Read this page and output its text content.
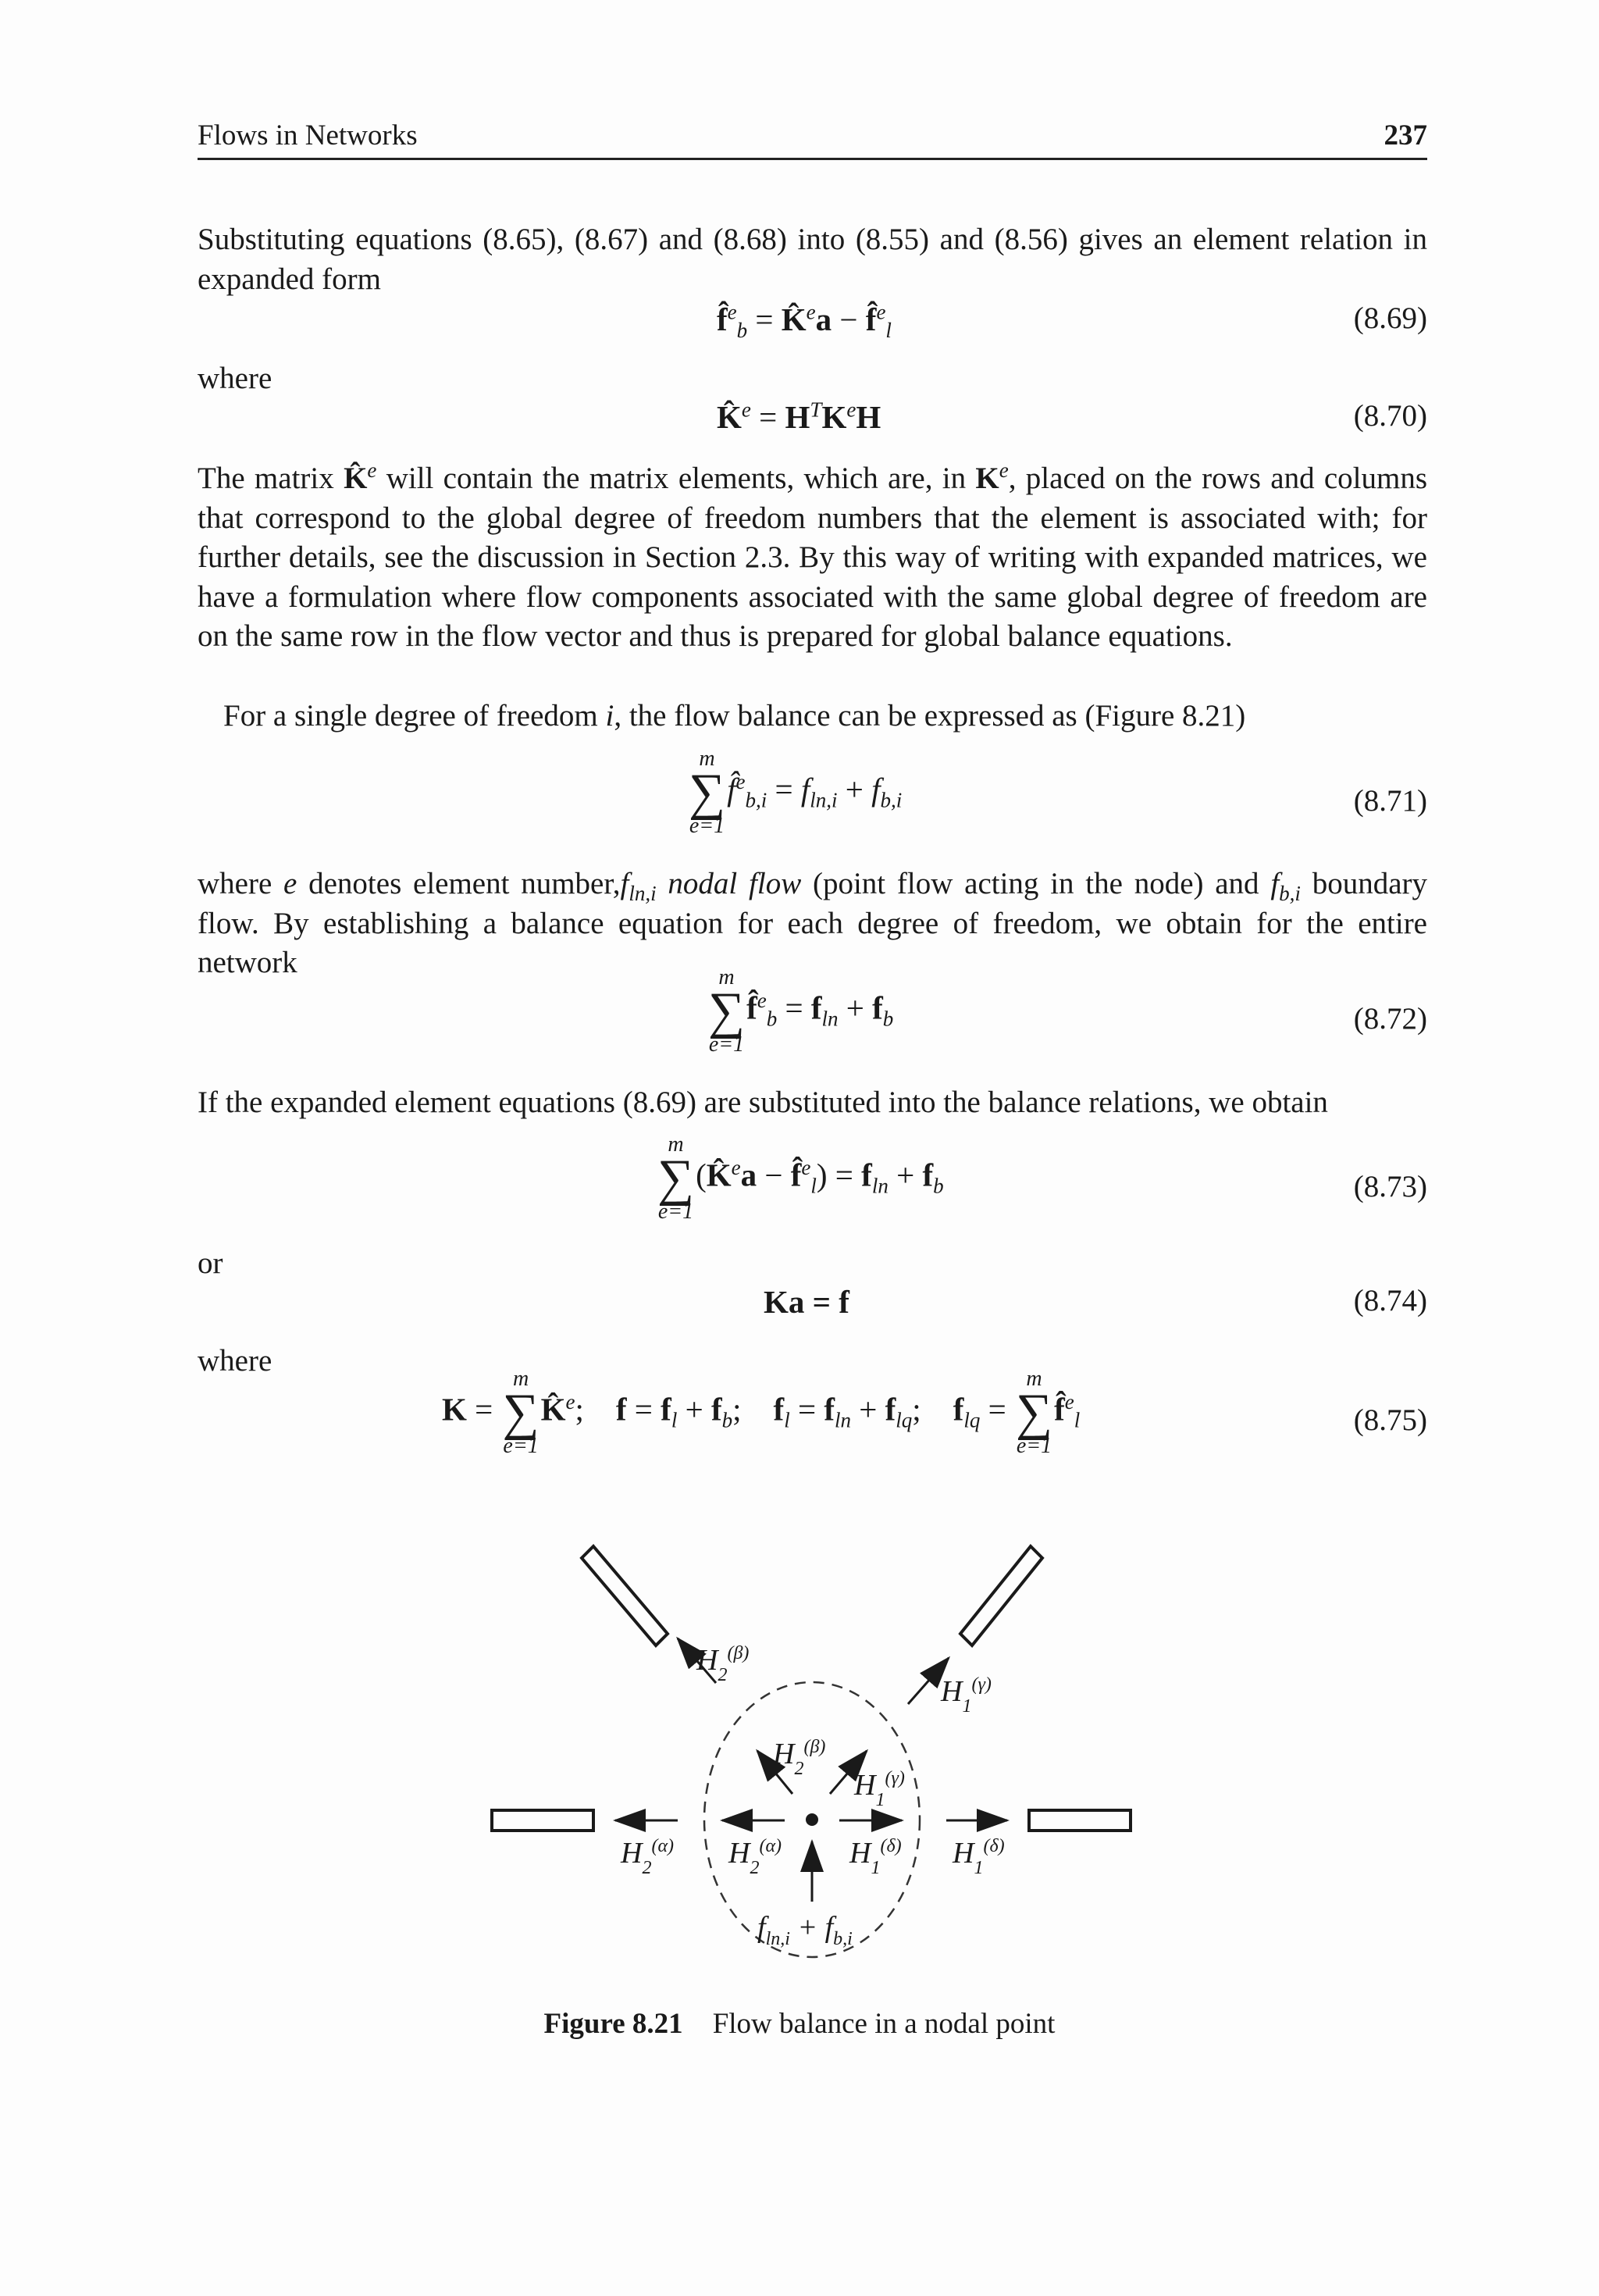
Flows in Networks	237
Substituting equations (8.65), (8.67) and (8.68) into (8.55) and (8.56) gives an element relation in expanded form
f̂$^e_b$ = K̂$^e$a − f̂$^e_l$	(8.69)
where
K̂$^e$ = $H^TK^eH$	(8.70)
The matrix K̂$^e$ will contain the matrix elements, which are, in $K^e$, placed on the rows and columns that correspond to the global degree of freedom numbers that the element is associated with; for further details, see the discussion in Section 2.3. By this way of writing with expanded matrices, we have a formulation where flow components associated with the same global degree of freedom are on the same row in the flow vector and thus is prepared for global balance equations.
For a single degree of freedom i, the flow balance can be expressed as (Figure 8.21)
m
∑
e=1
f̂$^e_{b,i}$ = $f_{ln,i} + f_{b,i}$	(8.71)
where e denotes element $number,f_{ln,i}$ nodal flow (point flow acting in the node) and $f_{b,i}$ boundary flow. By establishing a balance equation for each degree of freedom, we obtain for the entire network	m
∑
e=1
f̂$^e_b$ = $f_{ln} + f_b$	(8.72)
If the expanded element equations (8.69) are substituted into the balance relations, we obtain
m
∑
e=1
(K̂$^e$a − f̂$^e_l$) = $f_{ln} + f_b$	(8.73)
or
Ka = f	(8.74)
where
K =
m
∑
e=1
K̂$^e$;    $f = f_l + f_b$;    $f_l = f_{ln} + f_{lq}$;    $f_{lq}$ =
m
∑
e=1
f̂$^e_l$	(8.75)
$H_2^{(\beta)}$
$H_1^{(\gamma)}$
$H_2^{(\beta)}$
$H_1^{(\gamma)}$
$H_2^{(\alpha)}$ $H_2^{(\alpha)}$ $H_1^{(\delta)}$ $H_1^{(\delta)}$
$f_{ln,i} + f_{b,i}$
Figure 8.21 Flow balance in a nodal point
